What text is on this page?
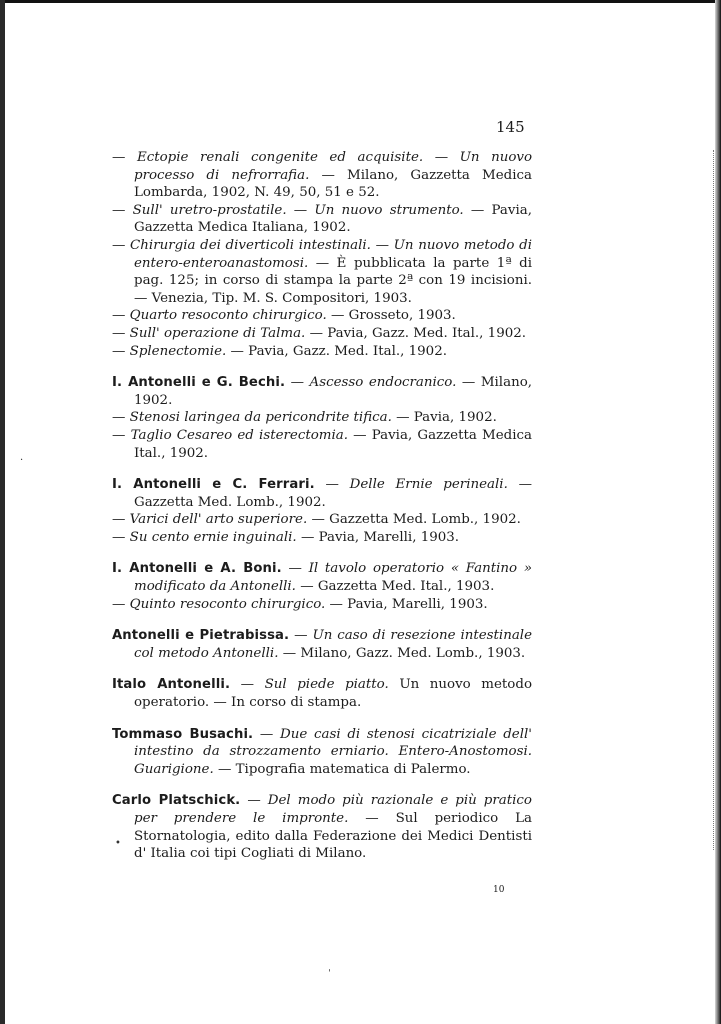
145

— Ectopie renali congenite ed acquisite. — Un nuovo processo di nefrorrafia. — Milano, Gazzetta Medica Lombarda, 1902, N. 49, 50, 51 e 52.

— Sull' uretro-prostatile. — Un nuovo strumento. — Pavia, Gazzetta Medica Italiana, 1902.

— Chirurgia dei diverticoli intestinali. — Un nuovo metodo di entero-enteroanastomosi. — È pubblicata la parte 1ª di pag. 125; in corso di stampa la parte 2ª con 19 incisioni. — Venezia, Tip. M. S. Compositori, 1903.

— Quarto resoconto chirurgico. — Grosseto, 1903.

— Sull' operazione di Talma. — Pavia, Gazz. Med. Ital., 1902.

— Splenectomie. — Pavia, Gazz. Med. Ital., 1902.

I. Antonelli e G. Bechi. — Ascesso endocranico. — Milano, 1902.

— Stenosi laringea da pericondrite tifica. — Pavia, 1902.

— Taglio Cesareo ed isterectomia. — Pavia, Gazzetta Medica Ital., 1902.

I. Antonelli e C. Ferrari. — Delle Ernie perineali. — Gazzetta Med. Lomb., 1902.

— Varici dell' arto superiore. — Gazzetta Med. Lomb., 1902.

— Su cento ernie inguinali. — Pavia, Marelli, 1903.

I. Antonelli e A. Boni. — Il tavolo operatorio « Fantino » modificato da Antonelli. — Gazzetta Med. Ital., 1903.

— Quinto resoconto chirurgico. — Pavia, Marelli, 1903.

Antonelli e Pietrabissa. — Un caso di resezione intestinale col metodo Antonelli. — Milano, Gazz. Med. Lomb., 1903.

Italo Antonelli. — Sul piede piatto. Un nuovo metodo operatorio. — In corso di stampa.

Tommaso Busachi. — Due casi di stenosi cicatriziale dell' intestino da strozzamento erniario. Entero-Anostomosi. Guarigione. — Tipografia matematica di Palermo.

Carlo Platschick. — Del modo più razionale e più pratico per prendere le impronte. — Sul periodico La Stornatologia, edito dalla Federazione dei Medici Dentisti d' Italia coi tipi Cogliati di Milano.

10
•
ˌ
·
